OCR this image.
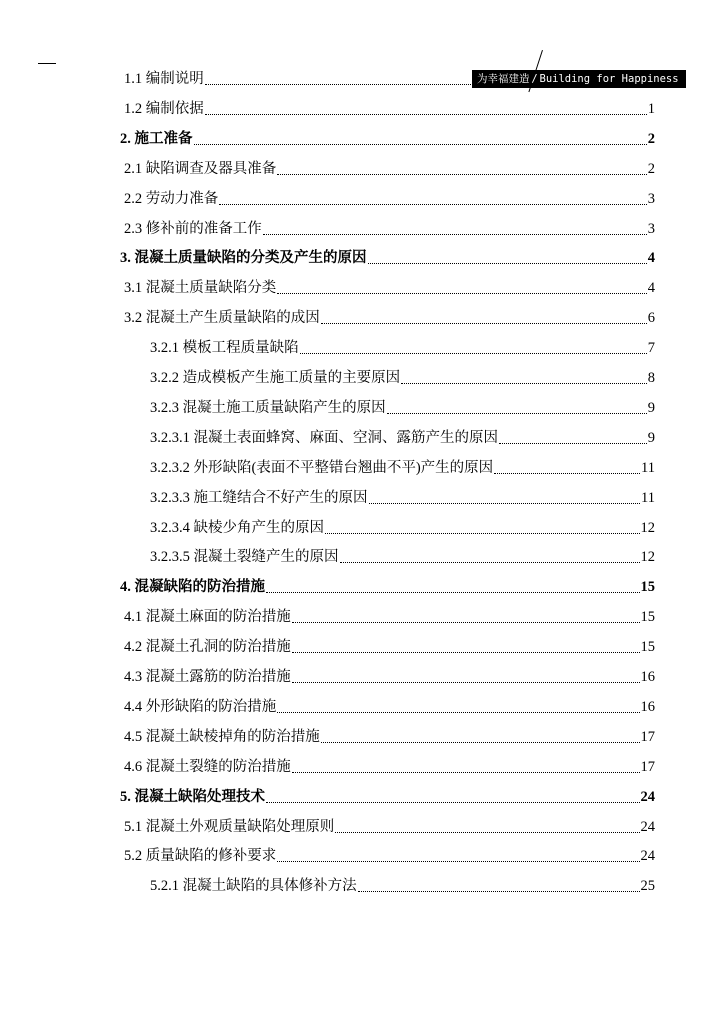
为幸福建造 / Building for Happiness
1.1 编制说明
1.2 编制依据	1
2. 施工准备	2
2.1 缺陷调查及器具准备	2
2.2 劳动力准备	3
2.3 修补前的准备工作	3
3. 混凝土质量缺陷的分类及产生的原因	4
3.1 混凝土质量缺陷分类	4
3.2 混凝土产生质量缺陷的成因	6
3.2.1 模板工程质量缺陷	7
3.2.2 造成模板产生施工质量的主要原因	8
3.2.3 混凝土施工质量缺陷产生的原因	9
3.2.3.1 混凝土表面蜂窝、麻面、空洞、露筋产生的原因	9
3.2.3.2 外形缺陷(表面不平整错台翘曲不平)产生的原因	11
3.2.3.3 施工缝结合不好产生的原因	11
3.2.3.4 缺棱少角产生的原因	12
3.2.3.5 混凝土裂缝产生的原因	12
4. 混凝缺陷的防治措施	15
4.1 混凝土麻面的防治措施	15
4.2 混凝土孔洞的防治措施	15
4.3 混凝土露筋的防治措施	16
4.4 外形缺陷的防治措施	16
4.5 混凝土缺棱掉角的防治措施	17
4.6 混凝土裂缝的防治措施	17
5. 混凝土缺陷处理技术	24
5.1 混凝土外观质量缺陷处理原则	24
5.2 质量缺陷的修补要求	24
5.2.1 混凝土缺陷的具体修补方法	25
